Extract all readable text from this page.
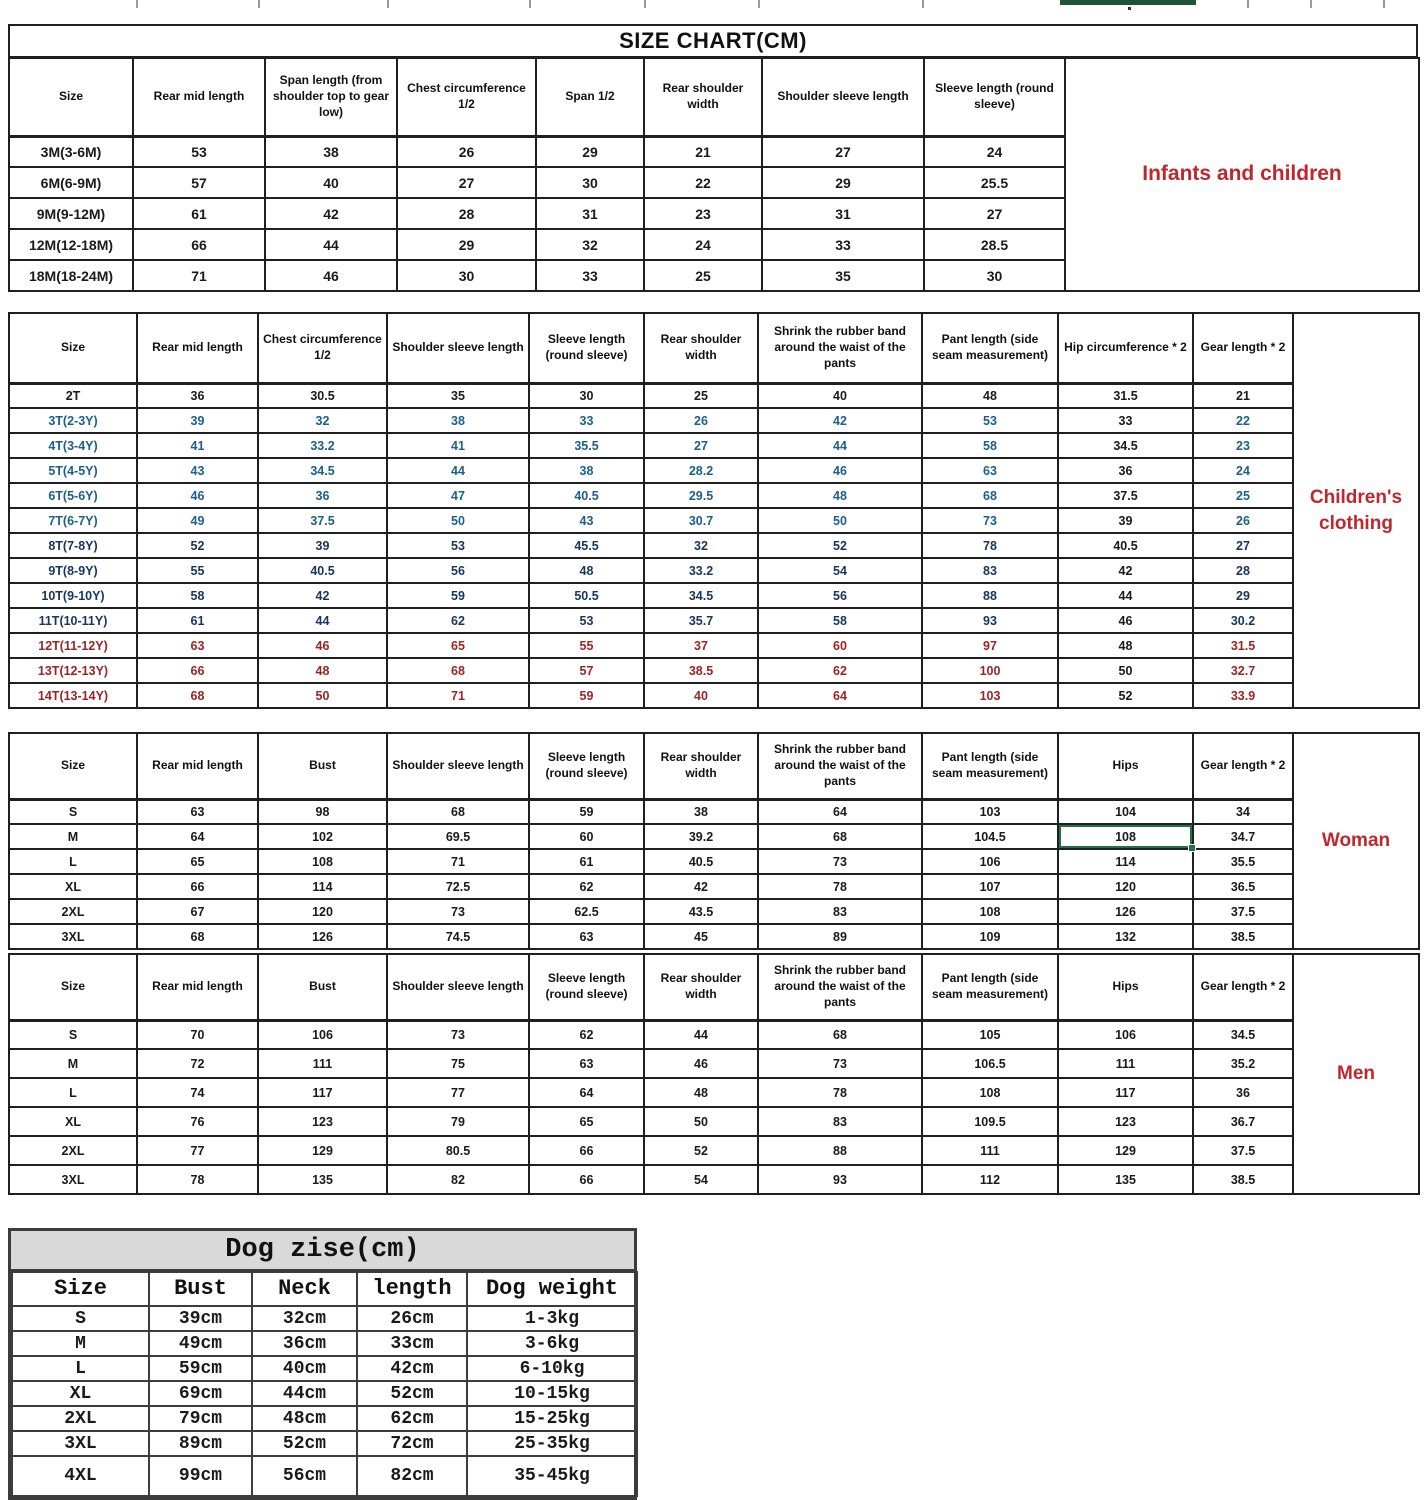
SIZE CHART(CM)
Size	Rear mid length	Span length (from shoulder top to gear low)	Chest circumference 1/2	Span 1/2	Rear shoulder width	Shoulder sleeve length	Sleeve length (round sleeve)
3M(3-6M)	53	38	26	29	21	27	24
6M(6-9M)	57	40	27	30	22	29	25.5
9M(9-12M)	61	42	28	31	23	31	27
12M(12-18M)	66	44	29	32	24	33	28.5
18M(18-24M)	71	46	30	33	25	35	30
Infants and children
Size	Rear mid length	Chest circumference 1/2	Shoulder sleeve length	Sleeve length (round sleeve)	Rear shoulder width	Shrink the rubber band around the waist of the pants	Pant length (side seam measurement)	Hip circumference * 2	Gear length * 2
2T	36	30.5	35	30	25	40	48	31.5	21
3T(2-3Y)	39	32	38	33	26	42	53	33	22
4T(3-4Y)	41	33.2	41	35.5	27	44	58	34.5	23
5T(4-5Y)	43	34.5	44	38	28.2	46	63	36	24
6T(5-6Y)	46	36	47	40.5	29.5	48	68	37.5	25
7T(6-7Y)	49	37.5	50	43	30.7	50	73	39	26
8T(7-8Y)	52	39	53	45.5	32	52	78	40.5	27
9T(8-9Y)	55	40.5	56	48	33.2	54	83	42	28
10T(9-10Y)	58	42	59	50.5	34.5	56	88	44	29
11T(10-11Y)	61	44	62	53	35.7	58	93	46	30.2
12T(11-12Y)	63	46	65	55	37	60	97	48	31.5
13T(12-13Y)	66	48	68	57	38.5	62	100	50	32.7
14T(13-14Y)	68	50	71	59	40	64	103	52	33.9
Children's clothing
Size	Rear mid length	Bust	Shoulder sleeve length	Sleeve length (round sleeve)	Rear shoulder width	Shrink the rubber band around the waist of the pants	Pant length (side seam measurement)	Hips	Gear length * 2
S	63	98	68	59	38	64	103	104	34
M	64	102	69.5	60	39.2	68	104.5	108	34.7
L	65	108	71	61	40.5	73	106	114	35.5
XL	66	114	72.5	62	42	78	107	120	36.5
2XL	67	120	73	62.5	43.5	83	108	126	37.5
3XL	68	126	74.5	63	45	89	109	132	38.5
Woman
Size	Rear mid length	Bust	Shoulder sleeve length	Sleeve length (round sleeve)	Rear shoulder width	Shrink the rubber band around the waist of the pants	Pant length (side seam measurement)	Hips	Gear length * 2
S	70	106	73	62	44	68	105	106	34.5
M	72	111	75	63	46	73	106.5	111	35.2
L	74	117	77	64	48	78	108	117	36
XL	76	123	79	65	50	83	109.5	123	36.7
2XL	77	129	80.5	66	52	88	111	129	37.5
3XL	78	135	82	66	54	93	112	135	38.5
Men
Dog zise(cm)
Size	Bust	Neck	length	Dog weight
S	39cm	32cm	26cm	1-3kg
M	49cm	36cm	33cm	3-6kg
L	59cm	40cm	42cm	6-10kg
XL	69cm	44cm	52cm	10-15kg
2XL	79cm	48cm	62cm	15-25kg
3XL	89cm	52cm	72cm	25-35kg
4XL	99cm	56cm	82cm	35-45kg
